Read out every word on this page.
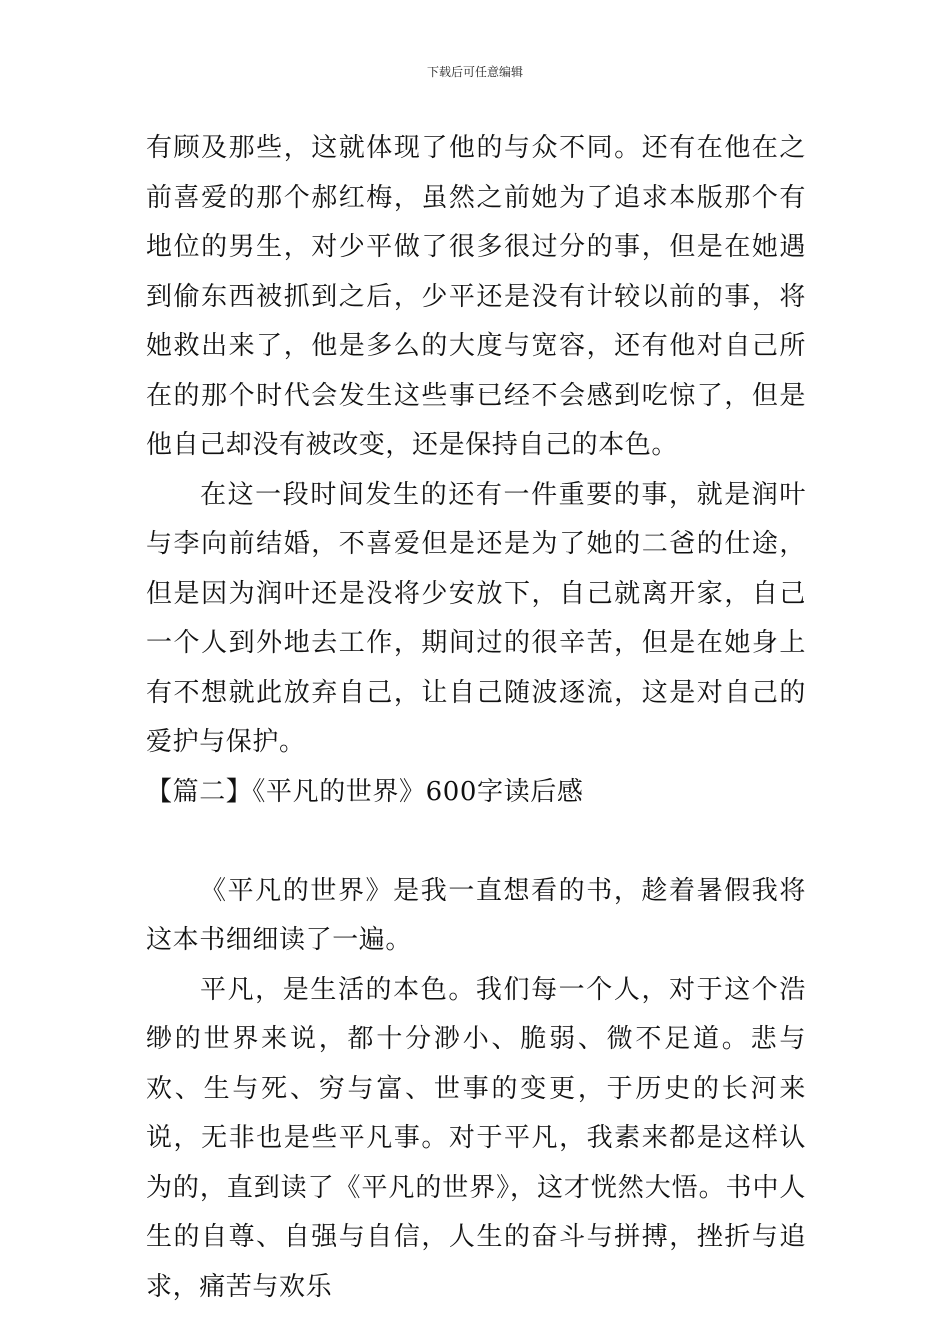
下载后可任意编辑

有顾及那些，这就体现了他的与众不同。还有在他在之前喜爱的那个郝红梅，虽然之前她为了追求本版那个有地位的男生，对少平做了很多很过分的事，但是在她遇到偷东西被抓到之后，少平还是没有计较以前的事，将她救出来了，他是多么的大度与宽容，还有他对自己所在的那个时代会发生这些事已经不会感到吃惊了，但是他自己却没有被改变，还是保持自己的本色。

在这一段时间发生的还有一件重要的事，就是润叶与李向前结婚，不喜爱但是还是为了她的二爸的仕途，但是因为润叶还是没将少安放下，自己就离开家，自己一个人到外地去工作，期间过的很辛苦，但是在她身上有不想就此放弃自己，让自己随波逐流，这是对自己的爱护与保护。

【篇二】《平凡的世界》600字读后感

《平凡的世界》是我一直想看的书，趁着暑假我将这本书细细读了一遍。

平凡，是生活的本色。我们每一个人，对于这个浩缈的世界来说，都十分渺小、脆弱、微不足道。悲与欢、生与死、穷与富、世事的变更，于历史的长河来说，无非也是些平凡事。对于平凡，我素来都是这样认为的，直到读了《平凡的世界》，这才恍然大悟。书中人生的自尊、自强与自信，人生的奋斗与拼搏，挫折与追求，痛苦与欢乐
